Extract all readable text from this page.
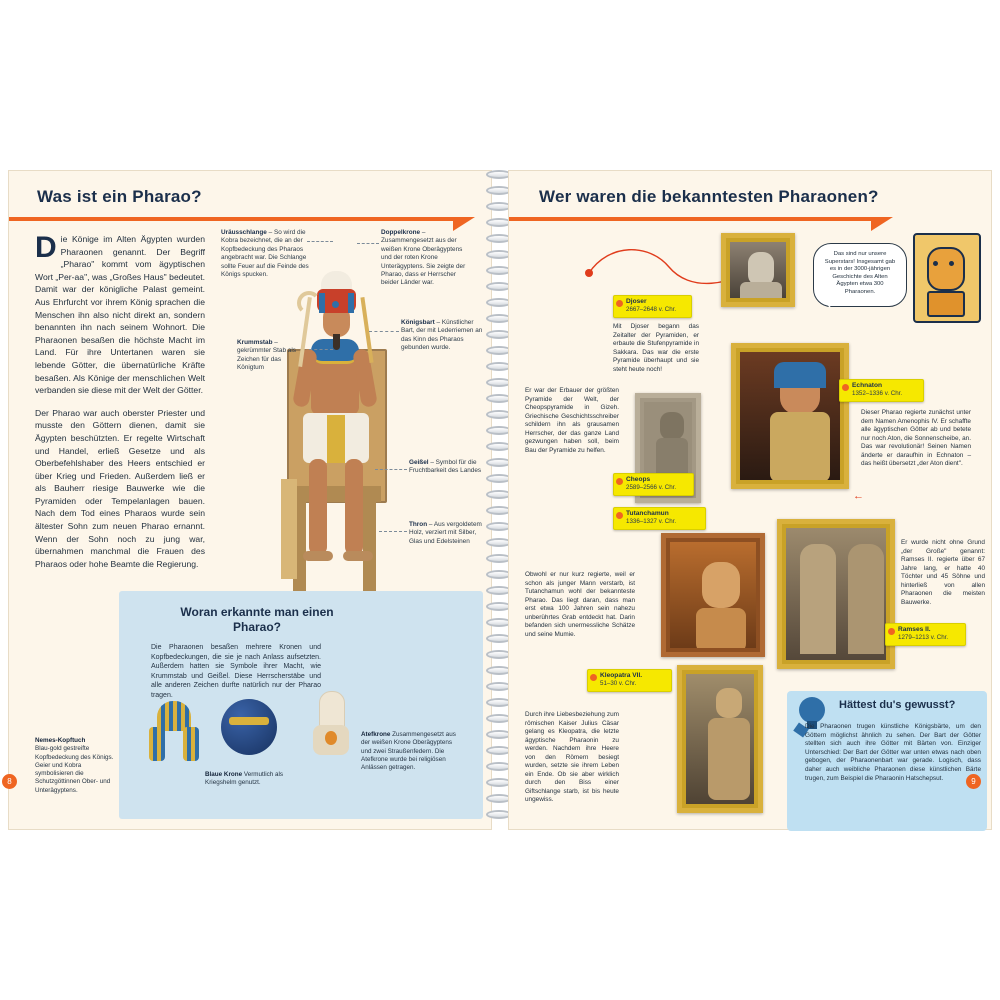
Was ist ein Pharao?

Die Könige im Alten Ägypten wurden Pharaonen genannt. Der Begriff „Pharao" kommt vom ägyptischen Wort „Per-aa", was „Großes Haus" bedeutet. Damit war der königliche Palast gemeint. Aus Ehrfurcht vor ihrem König sprachen die Menschen ihn also nicht direkt an, sondern benannten ihn nach seinem Wohnort. Die Pharaonen besaßen die höchste Macht im Land. Für ihre Untertanen waren sie lebende Götter, die übernatürliche Kräfte besaßen. Als Könige der menschlichen Welt verbanden sie diese mit der Welt der Götter.

Der Pharao war auch oberster Priester und musste den Göttern dienen, damit sie Ägypten beschützten. Er regelte Wirtschaft und Handel, erließ Gesetze und als Oberbefehlshaber des Heers entschied er über Krieg und Frieden. Außerdem ließ er als Bauherr riesige Bauwerke wie die Pyramiden oder Tempelanlagen bauen. Nach dem Tod eines Pharaos wurde sein ältester Sohn zum neuen Pharao ernannt. Wenn der Sohn noch zu jung war, übernahmen manchmal die Frauen des Pharaos oder hohe Beamte die Regierung.

Uräusschlange – So wird die Kobra bezeichnet, die an der Kopfbedeckung des Pharaos angebracht war. Die Schlange sollte Feuer auf die Feinde des Königs spucken.
Doppelkrone – Zusammengesetzt aus der weißen Krone Oberägyptens und der roten Krone Unterägyptens. Sie zeigte der Pharao, dass er Herrscher beider Länder war.
Königsbart – Künstlicher Bart, der mit Lederriemen an das Kinn des Pharaos gebunden wurde.
Krummstab – gekrümmter Stab als Zeichen für das Königtum
Geißel – Symbol für die Fruchtbarkeit des Landes
Thron – Aus vergoldetem Holz, verziert mit Silber, Glas und Edelsteinen
Woran erkannte man einen Pharao?
Die Pharaonen besaßen mehrere Kronen und Kopfbedeckungen, die sie je nach Anlass aufsetzten. Außerdem hatten sie Symbole ihrer Macht, wie Krummstab und Geißel. Diese Herrscherstäbe und alle anderen Zeichen durfte natürlich nur der Pharao tragen.
Nemes-Kopftuch
Blau-gold gestreifte Kopfbedeckung des Königs. Geier und Kobra symbolisieren die Schutzgöttinnen Ober- und Unterägyptens.
Blaue Krone Vermutlich als Kriegshelm genutzt.
Atefkrone Zusammengesetzt aus der weißen Krone Oberägyptens und zwei Straußenfedern. Die Atefkrone wurde bei religiösen Anlässen getragen.
Wer waren die bekanntesten Pharaonen?
Djoser
2667–2648 v. Chr.
Mit Djoser begann das Zeitalter der Pyramiden, er erbaute die Stufenpyramide in Sakkara. Das war die erste Pyramide überhaupt und sie steht heute noch!
Das sind nur unsere Superstars! Insgesamt gab es in der 3000-jährigen Geschichte des Alten Ägypten etwa 300 Pharaonen.
Cheops
2589–2566 v. Chr.
Er war der Erbauer der größten Pyramide der Welt, der Cheopspyramide in Gizeh. Griechische Geschichtsschreiber schildern ihn als grausamen Herrscher, der das ganze Land gezwungen haben soll, beim Bau der Pyramide zu helfen.
Echnaton
1352–1336 v. Chr.
Dieser Pharao regierte zunächst unter dem Namen Amenophis IV. Er schaffte alle ägyptischen Götter ab und betete nur noch Aton, die Sonnenscheibe, an. Das war revolutionär! Seinen Namen änderte er daraufhin in Echnaton – das heißt übersetzt „der Aton dient".
←
Tutanchamun
1336–1327 v. Chr.
Obwohl er nur kurz regierte, weil er schon als junger Mann verstarb, ist Tutanchamun wohl der bekannteste Pharao. Das liegt daran, dass man erst etwa 100 Jahren sein nahezu unberührtes Grab entdeckt hat. Darin befanden sich unermessliche Schätze und seine Mumie.
Ramses II.
1279–1213 v. Chr.
Er wurde nicht ohne Grund „der Große" genannt: Ramses II. regierte über 67 Jahre lang, er hatte 40 Töchter und 45 Söhne und hinterließ von allen Pharaonen die meisten Bauwerke.
Kleopatra VII.
51–30 v. Chr.
Durch ihre Liebesbeziehung zum römischen Kaiser Julius Cäsar gelang es Kleopatra, die letzte ägyptische Pharaonin zu werden. Nachdem ihre Heere von den Römern besiegt wurden, setzte sie ihrem Leben ein Ende. Ob sie aber wirklich durch den Biss einer Giftschlange starb, ist bis heute ungewiss.
Hättest du's gewusst?
Die Pharaonen trugen künstliche Königsbärte, um den Göttern möglichst ähnlich zu sehen. Der Bart der Götter stellten sich auch ihre Götter mit Bärten von. Einziger Unterschied: Der Bart der Götter war unten etwas nach oben gebogen, der Pharaonenbart war gerade. Logisch, dass daher auch weibliche Pharaonen diese künstlichen Bärte trugen, zum Beispiel die Pharaonin Hatschepsut.
8	9
